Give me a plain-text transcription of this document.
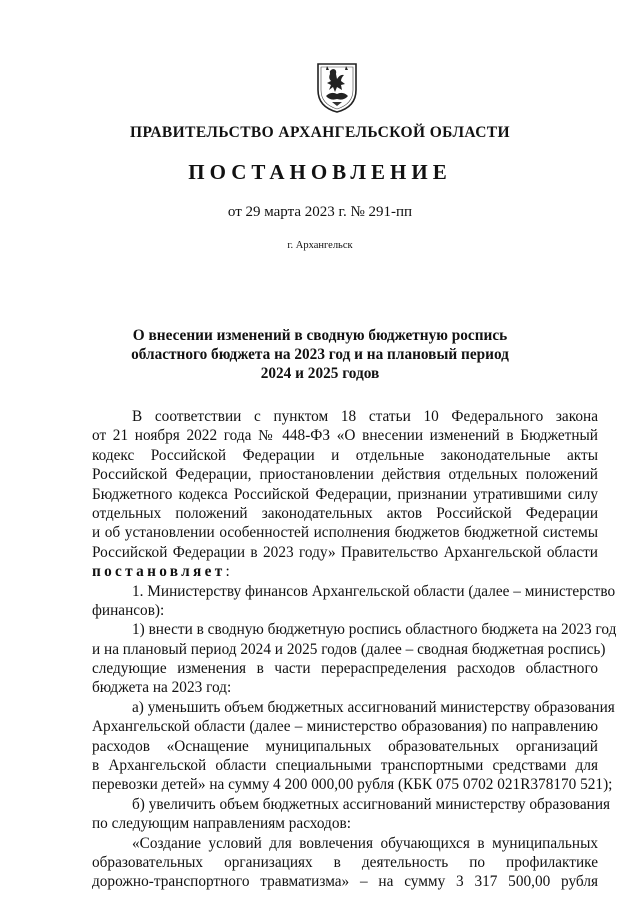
ПРАВИТЕЛЬСТВО АРХАНГЕЛЬСКОЙ ОБЛАСТИ
ПОСТАНОВЛЕНИЕ
от 29 марта 2023 г. № 291-пп
г. Архангельск
О внесении изменений в сводную бюджетную роспись
областного бюджета на 2023 год и на плановый период
2024 и 2025 годов
В соответствии с пунктом 18 статьи 10 Федерального закона
от 21 ноября 2022 года № 448-ФЗ «О внесении изменений в Бюджетный
кодекс Российской Федерации и отдельные законодательные акты
Российской Федерации, приостановлении действия отдельных положений
Бюджетного кодекса Российской Федерации, признании утратившими силу
отдельных положений законодательных актов Российской Федерации
и об установлении особенностей исполнения бюджетов бюджетной системы
Российской Федерации в 2023 году» Правительство Архангельской области
постановляет:
1. Министерству финансов Архангельской области (далее – министерство
финансов):
1) внести в сводную бюджетную роспись областного бюджета на 2023 год
и на плановый период 2024 и 2025 годов (далее – сводная бюджетная роспись)
следующие изменения в части перераспределения расходов областного
бюджета на 2023 год:
а) уменьшить объем бюджетных ассигнований министерству образования
Архангельской области (далее – министерство образования) по направлению
расходов «Оснащение муниципальных образовательных организаций
в Архангельской области специальными транспортными средствами для
перевозки детей» на сумму 4 200 000,00 рубля (КБК 075 0702 021R378170 521);
б) увеличить объем бюджетных ассигнований министерству образования
по следующим направлениям расходов:
«Создание условий для вовлечения обучающихся в муниципальных
образовательных организациях в деятельность по профилактике
дорожно-транспортного травматизма» – на сумму 3 317 500,00 рубля
